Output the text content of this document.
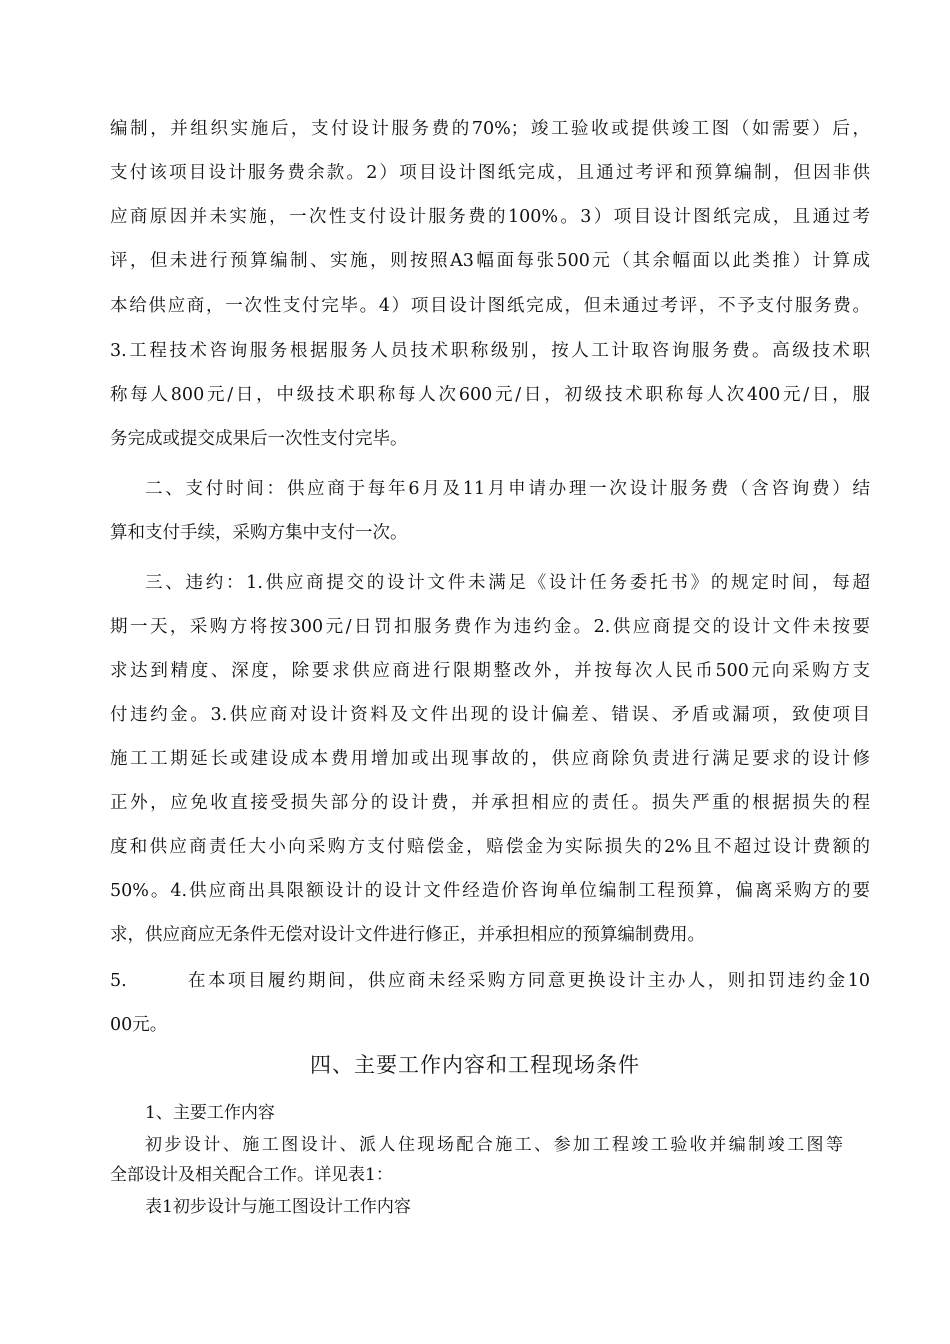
编制，并组织实施后，支付设计服务费的70%；竣工验收或提供竣工图（如需要）后，
支付该项目设计服务费余款。2）项目设计图纸完成，且通过考评和预算编制，但因非供
应商原因并未实施，一次性支付设计服务费的100%。3）项目设计图纸完成，且通过考
评，但未进行预算编制、实施，则按照A3幅面每张500元（其余幅面以此类推）计算成
本给供应商，一次性支付完毕。4）项目设计图纸完成，但未通过考评，不予支付服务费。
3.工程技术咨询服务根据服务人员技术职称级别，按人工计取咨询服务费。高级技术职
称每人800元/日，中级技术职称每人次600元/日，初级技术职称每人次400元/日，服
务完成或提交成果后一次性支付完毕。
二、支付时间：供应商于每年6月及11月申请办理一次设计服务费（含咨询费）结
算和支付手续，采购方集中支付一次。
三、违约：1.供应商提交的设计文件未满足《设计任务委托书》的规定时间，每超
期一天，采购方将按300元/日罚扣服务费作为违约金。2.供应商提交的设计文件未按要
求达到精度、深度，除要求供应商进行限期整改外，并按每次人民币500元向采购方支
付违约金。3.供应商对设计资料及文件出现的设计偏差、错误、矛盾或漏项，致使项目
施工工期延长或建设成本费用增加或出现事故的，供应商除负责进行满足要求的设计修
正外，应免收直接受损失部分的设计费，并承担相应的责任。损失严重的根据损失的程
度和供应商责任大小向采购方支付赔偿金，赔偿金为实际损失的2%且不超过设计费额的
50%。4.供应商出具限额设计的设计文件经造价咨询单位编制工程预算，偏离采购方的要
求，供应商应无条件无偿对设计文件进行修正，并承担相应的预算编制费用。
5.	在本项目履约期间，供应商未经采购方同意更换设计主办人，则扣罚违约金10
00元。
四、主要工作内容和工程现场条件
1、主要工作内容
初步设计、施工图设计、派人住现场配合施工、参加工程竣工验收并编制竣工图等
全部设计及相关配合工作。详见表1：
表1初步设计与施工图设计工作内容
